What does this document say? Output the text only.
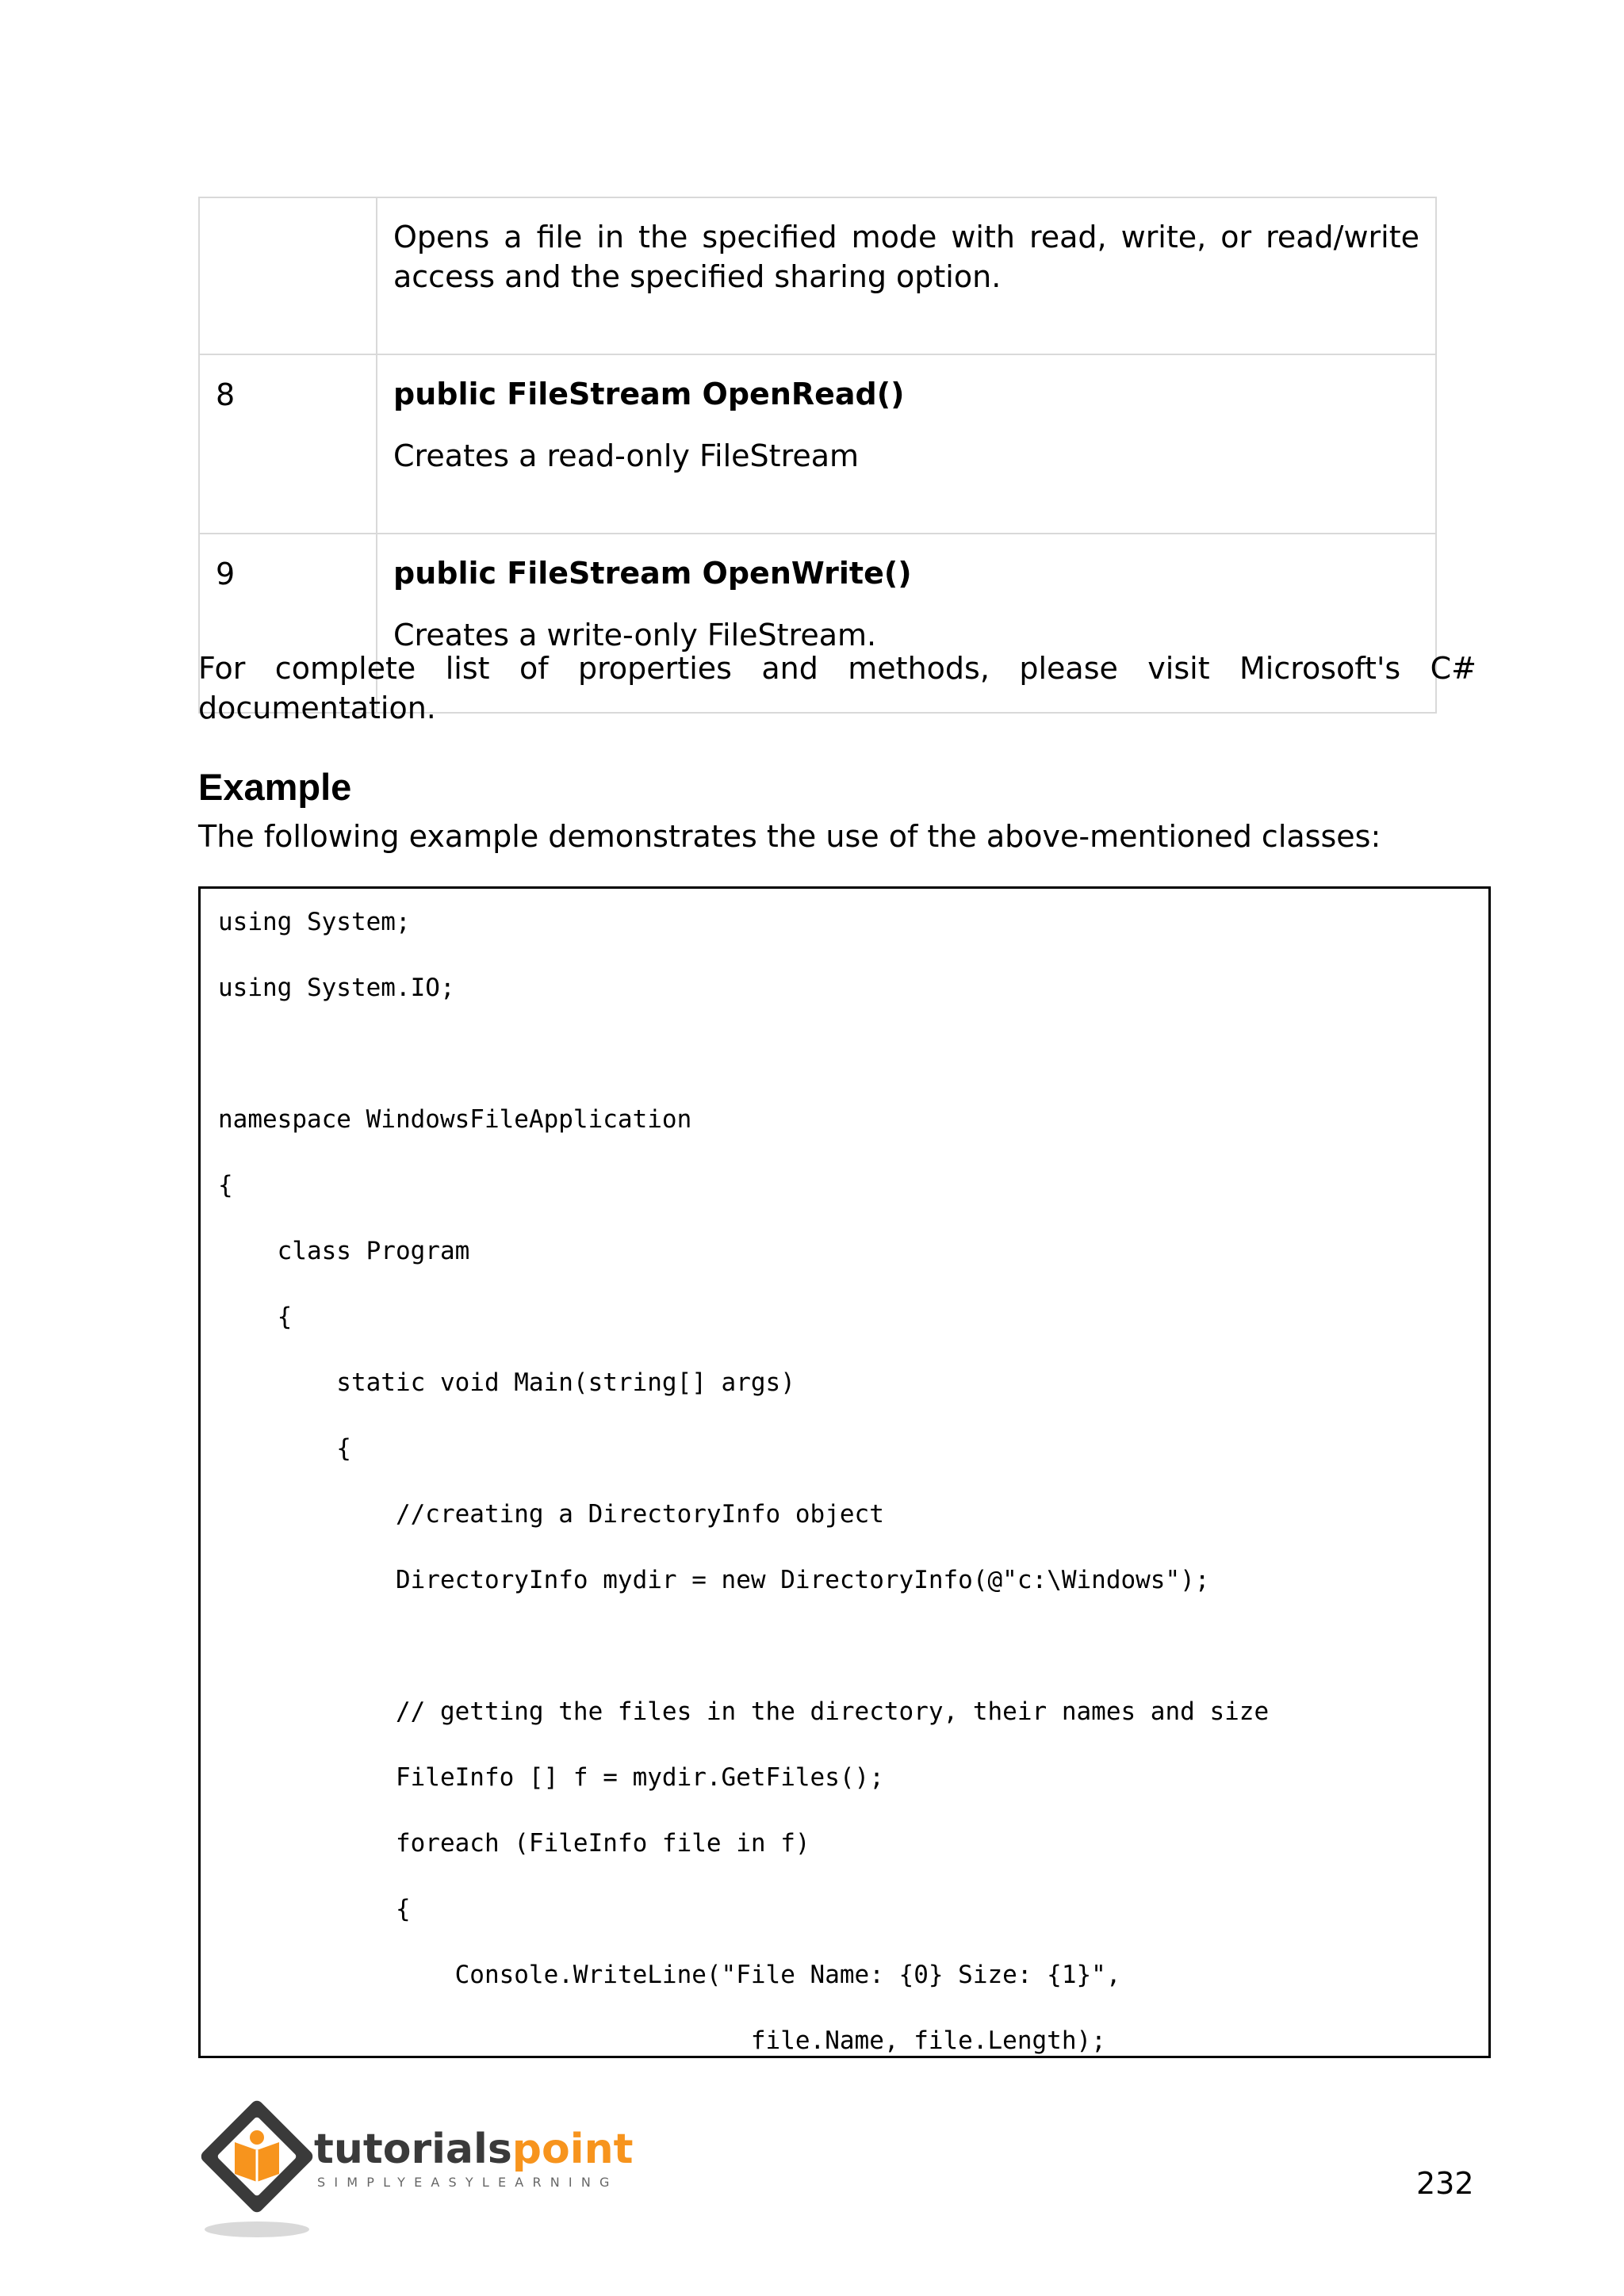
	Opens a file in the specified mode with read, write, or read/write access and the specified sharing option.

8	public FileStream OpenRead()

Creates a read-only FileStream

9	public FileStream OpenWrite()

Creates a write-only FileStream.

For complete list of properties and methods, please visit Microsoft's C# documentation.

Example

The following example demonstrates the use of the above-mentioned classes:

using System;
using System.IO;
namespace WindowsFileApplication
{
class Program
{
static void Main(string[] args)
{
//creating a DirectoryInfo object
DirectoryInfo mydir = new DirectoryInfo(@"c:\Windows");
// getting the files in the directory, their names and size
FileInfo [] f = mydir.GetFiles();
foreach (FileInfo file in f)
{
Console.WriteLine("File Name: {0} Size: {1}",
file.Name, file.Length);
tutorialspoint
SIMPLYEASYLEARNING	232
